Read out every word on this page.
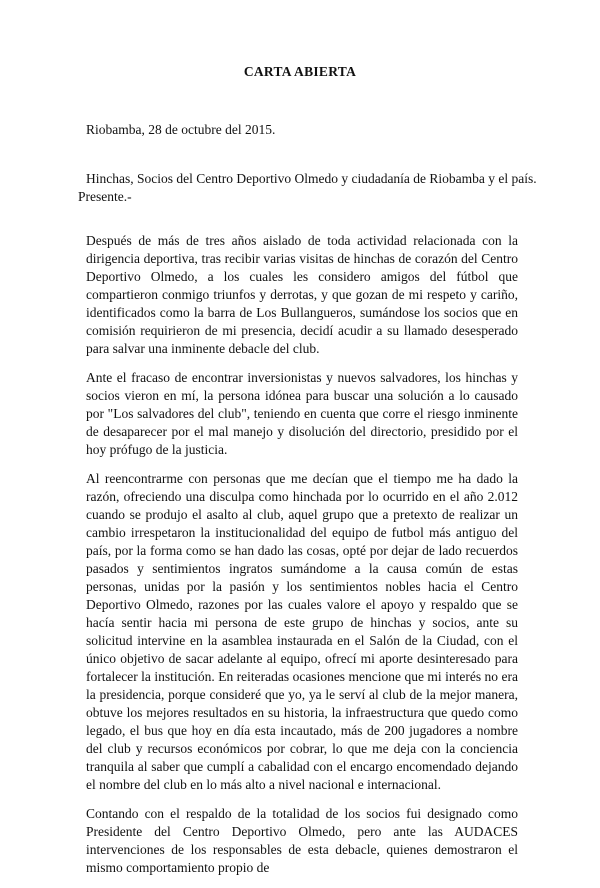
CARTA ABIERTA
Riobamba, 28 de octubre del 2015.
Hinchas, Socios del Centro Deportivo Olmedo y ciudadanía de Riobamba y el país.
Presente.-

Después de más de tres años aislado de toda actividad relacionada con la dirigencia deportiva, tras recibir varias visitas de hinchas de corazón del Centro Deportivo Olmedo, a los cuales les considero amigos del fútbol que compartieron conmigo triunfos y derrotas, y que gozan de mi respeto y cariño, identificados como la barra de Los Bullangueros, sumándose los socios que en comisión requirieron de mi presencia, decidí acudir a su llamado desesperado para salvar una inminente debacle del club.

Ante el fracaso de encontrar inversionistas y nuevos salvadores, los hinchas y socios vieron en mí, la persona idónea para buscar una solución a lo causado por "Los salvadores del club", teniendo en cuenta que corre el riesgo inminente de desaparecer por el mal manejo y disolución del directorio, presidido por el hoy prófugo de la justicia.

Al reencontrarme con personas que me decían que el tiempo me ha dado la razón, ofreciendo una disculpa como hinchada por lo ocurrido en el año 2.012 cuando se produjo el asalto al club, aquel grupo que a pretexto de realizar un cambio irrespetaron la institucionalidad del equipo de futbol más antiguo del país, por la forma como se han dado las cosas, opté por dejar de lado recuerdos pasados y sentimientos ingratos sumándome a la causa común de estas personas, unidas por la pasión y los sentimientos nobles hacia el Centro Deportivo Olmedo, razones por las cuales valore el apoyo y respaldo que se hacía sentir hacia mi persona de este grupo de hinchas y socios, ante su solicitud intervine en la asamblea instaurada en el Salón de la Ciudad, con el único objetivo de sacar adelante al equipo, ofrecí mi aporte desinteresado para fortalecer la institución. En reiteradas ocasiones mencione que mi interés no era la presidencia, porque consideré que yo, ya le serví al club de la mejor manera, obtuve los mejores resultados en su historia, la infraestructura que quedo como legado, el bus que hoy en día esta incautado, más de 200 jugadores a nombre del club y recursos económicos por cobrar, lo que me deja con la conciencia tranquila al saber que cumplí a cabalidad con el encargo encomendado dejando el nombre del club en lo más alto a nivel nacional e internacional.

Contando con el respaldo de la totalidad de los socios fui designado como Presidente del Centro Deportivo Olmedo, pero ante las AUDACES intervenciones de los responsables de esta debacle, quienes demostraron el mismo comportamiento propio de
